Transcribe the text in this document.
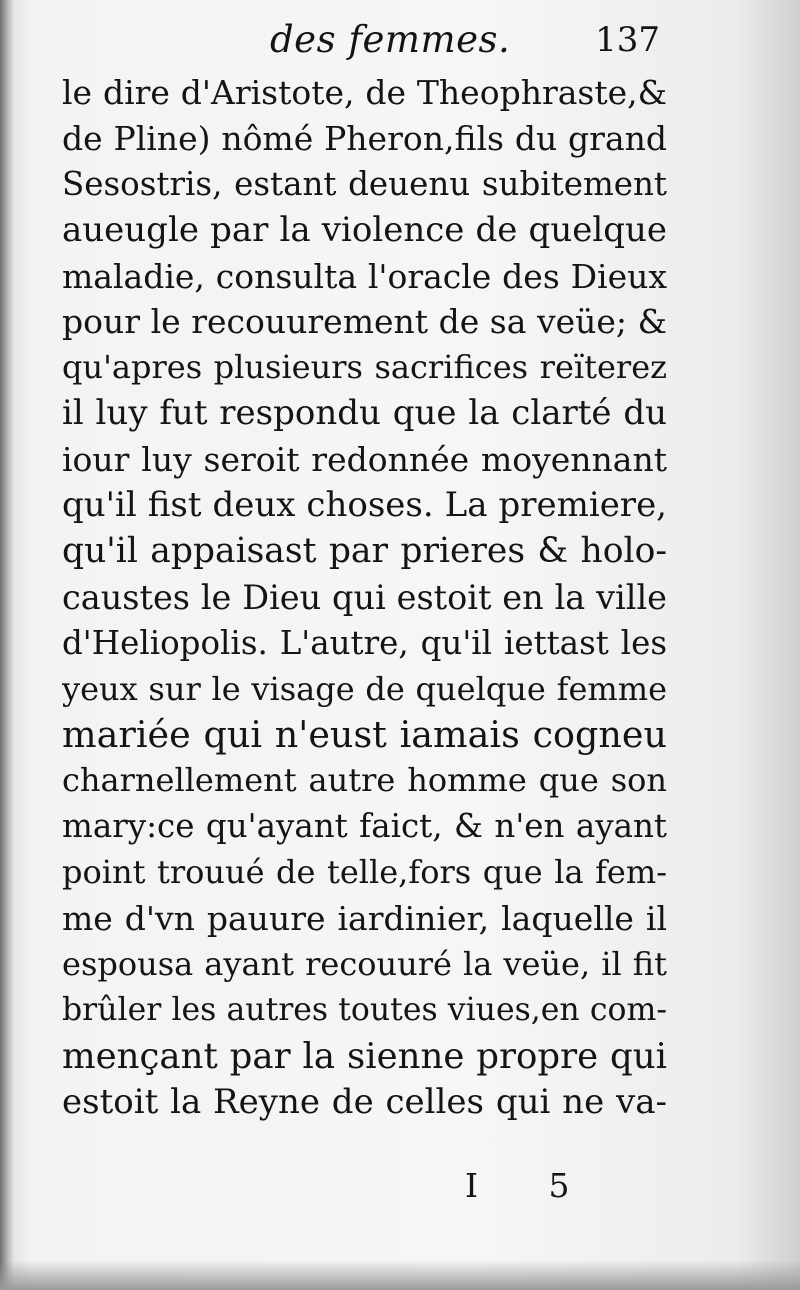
des femmes. 137
le dire d'Aristote, de Theophraste,&
de Pline) nômé Pheron,fils du grand
Sesostris, estant deuenu subitement
aueugle par la violence de quelque
maladie, consulta l'oracle des Dieux
pour le recouurement de sa veüe; &
qu'apres plusieurs sacrifices reïterez
il luy fut respondu que la clarté du
iour luy seroit redonnée moyennant
qu'il fist deux choses. La premiere,
qu'il appaisast par prieres & holo-
caustes le Dieu qui estoit en la ville
d'Heliopolis. L'autre, qu'il iettast les
yeux sur le visage de quelque femme
mariée qui n'eust iamais cogneu
charnellement autre homme que son
mary:ce qu'ayant faict, & n'en ayant
point trouué de telle,fors que la fem-
me d'vn pauure iardinier, laquelle il
espousa ayant recouuré la veüe, il fit
brûler les autres toutes viues,en com-
mençant par la sienne propre qui
estoit la Reyne de celles qui ne va-
I 5
